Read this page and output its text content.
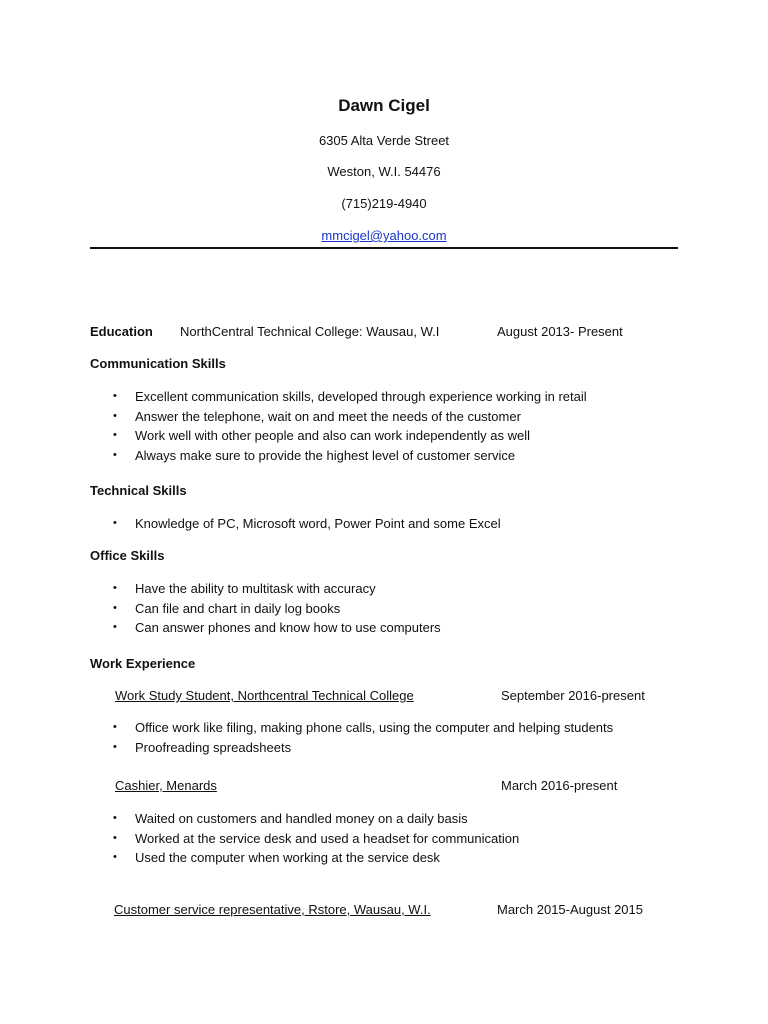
Dawn Cigel
6305 Alta Verde Street
Weston, W.I. 54476
(715)219-4940
mmcigel@yahoo.com
Education NorthCentral Technical College: Wausau, W.I	August 2013- Present
Communication Skills
• Excellent communication skills, developed through experience working in retail
• Answer the telephone, wait on and meet the needs of the customer
• Work well with other people and also can work independently as well
• Always make sure to provide the highest level of customer service
Technical Skills
• Knowledge of PC, Microsoft word, Power Point and some Excel
Office Skills
• Have the ability to multitask with accuracy
• Can file and chart in daily log books
• Can answer phones and know how to use computers
Work Experience
Work Study Student, Northcentral Technical College	September 2016-present
• Office work like filing, making phone calls, using the computer and helping students
• Proofreading spreadsheets
Cashier, Menards	March 2016-present
• Waited on customers and handled money on a daily basis
• Worked at the service desk and used a headset for communication
• Used the computer when working at the service desk
Customer service representative, Rstore, Wausau, W.I.	March 2015-August 2015
